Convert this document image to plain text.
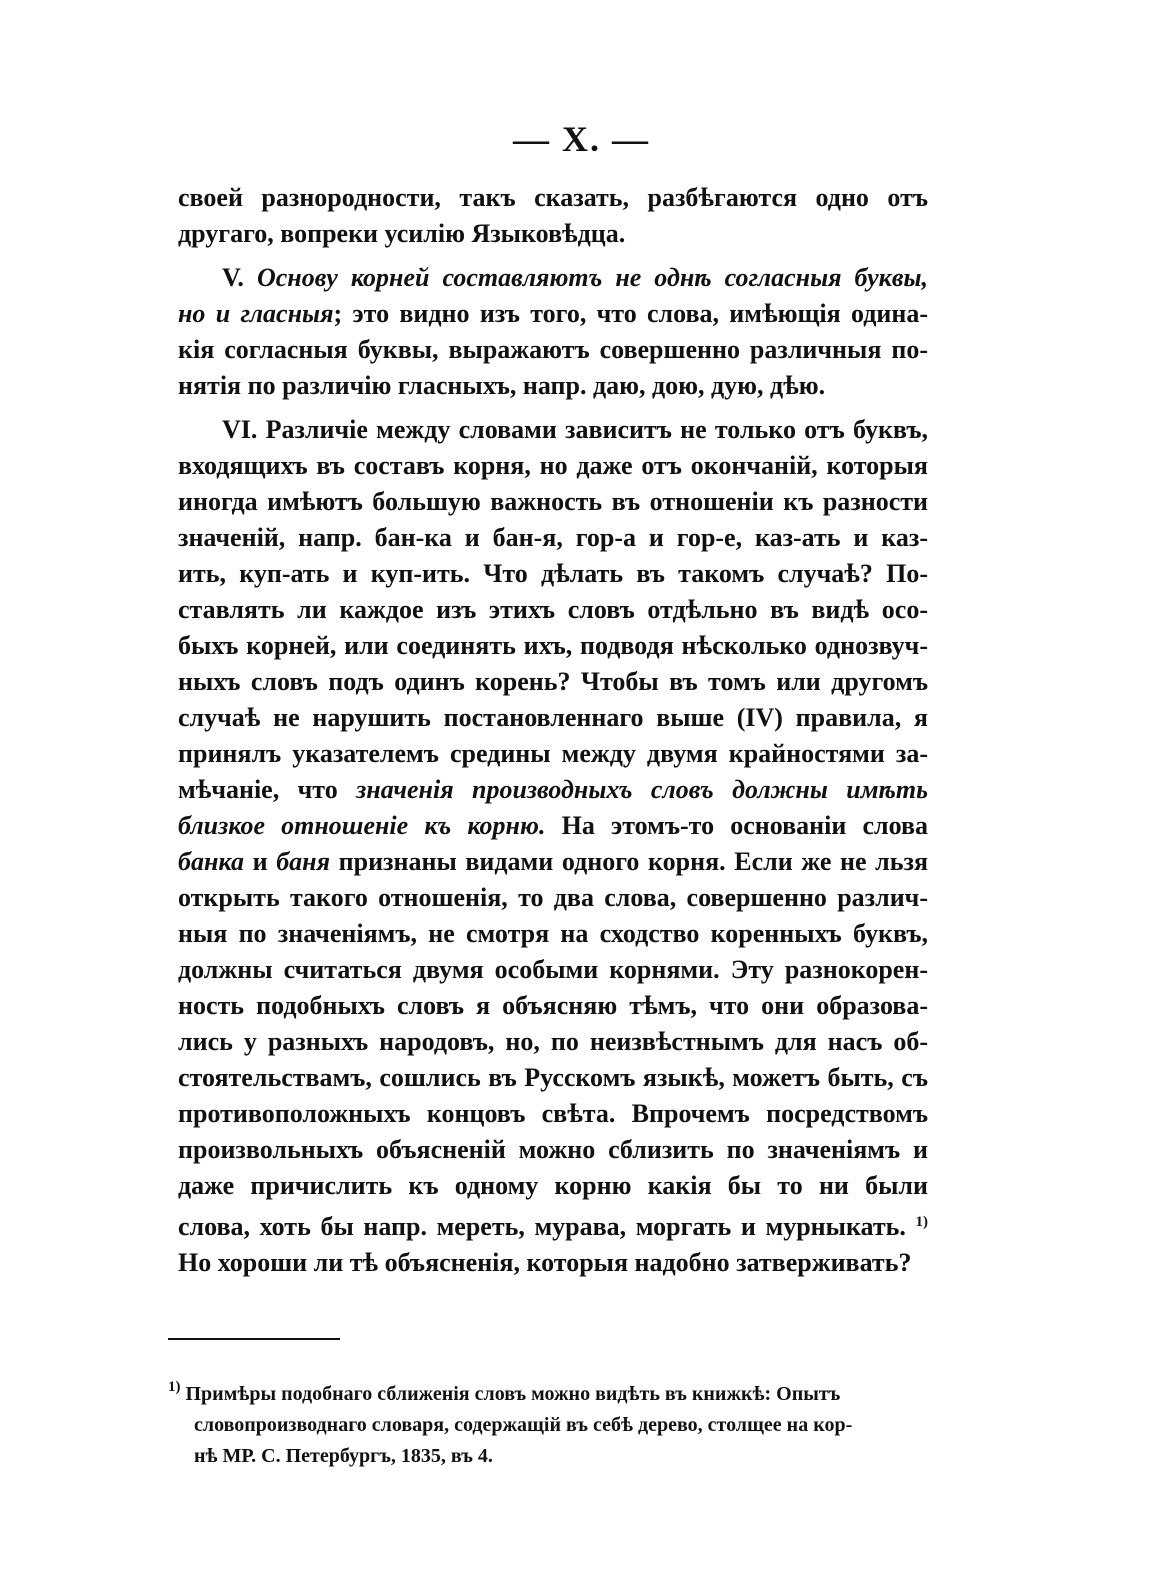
— X. —
своей разнородности, такъ сказать, разбѣгаются одно отъ
другаго, вопреки усилію Языковѣдца.
V. Основу корней составляютъ не однѣ согласныя буквы,
но и гласныя; это видно изъ того, что слова, имѣющія одина-
кія согласныя буквы, выражаютъ совершенно различныя по-
нятія по различію гласныхъ, напр. даю, дою, дую, дѣю.
VI. Различіе между словами зависитъ не только отъ буквъ,
входящихъ въ составъ корня, но даже отъ окончаній, которыя
иногда имѣютъ большую важность въ отношеніи къ разности
значеній, напр. бан-ка и бан-я, гор-а и гор-е, каз-ать и каз-
ить, куп-ать и куп-ить. Что дѣлать въ такомъ случаѣ? По-
ставлять ли каждое изъ этихъ словъ отдѣльно въ видѣ осо-
быхъ корней, или соединять ихъ, подводя нѣсколько однозвуч-
ныхъ словъ подъ одинъ корень? Чтобы въ томъ или другомъ
случаѣ не нарушить постановленнаго выше (IV) правила, я
принялъ указателемъ средины между двумя крайностями за-
мѣчаніе, что значенія производныхъ словъ должны имѣть
близкое отношеніе къ корню. На этомъ-то основаніи слова
банка и баня признаны видами одного корня. Если же не льзя
открыть такого отношенія, то два слова, совершенно различ-
ныя по значеніямъ, не смотря на сходство коренныхъ буквъ,
должны считаться двумя особыми корнями. Эту разнокорен-
ность подобныхъ словъ я объясняю тѣмъ, что они образова-
лись у разныхъ народовъ, но, по неизвѣстнымъ для насъ об-
стоятельствамъ, сошлись въ Русскомъ языкѣ, можетъ быть, съ
противоположныхъ концовъ свѣта. Впрочемъ посредствомъ
произвольныхъ объясненій можно сблизить по значеніямъ и
даже причислить къ одному корню какія бы то ни были
слова, хоть бы напр. мереть, мурава, моргать и мурныкать. $^{1)}$
Но хороши ли тѣ объясненія, которыя надобно затверживать?
$^{1)}$ Примѣры подобнаго сближенія словъ можно видѣть въ книжкѣ: Опытъ
словопроизводнаго словаря, содержащій въ себѣ дерево, столщее на кор-
нѣ МР. С. Петербургъ, 1835, въ 4.
